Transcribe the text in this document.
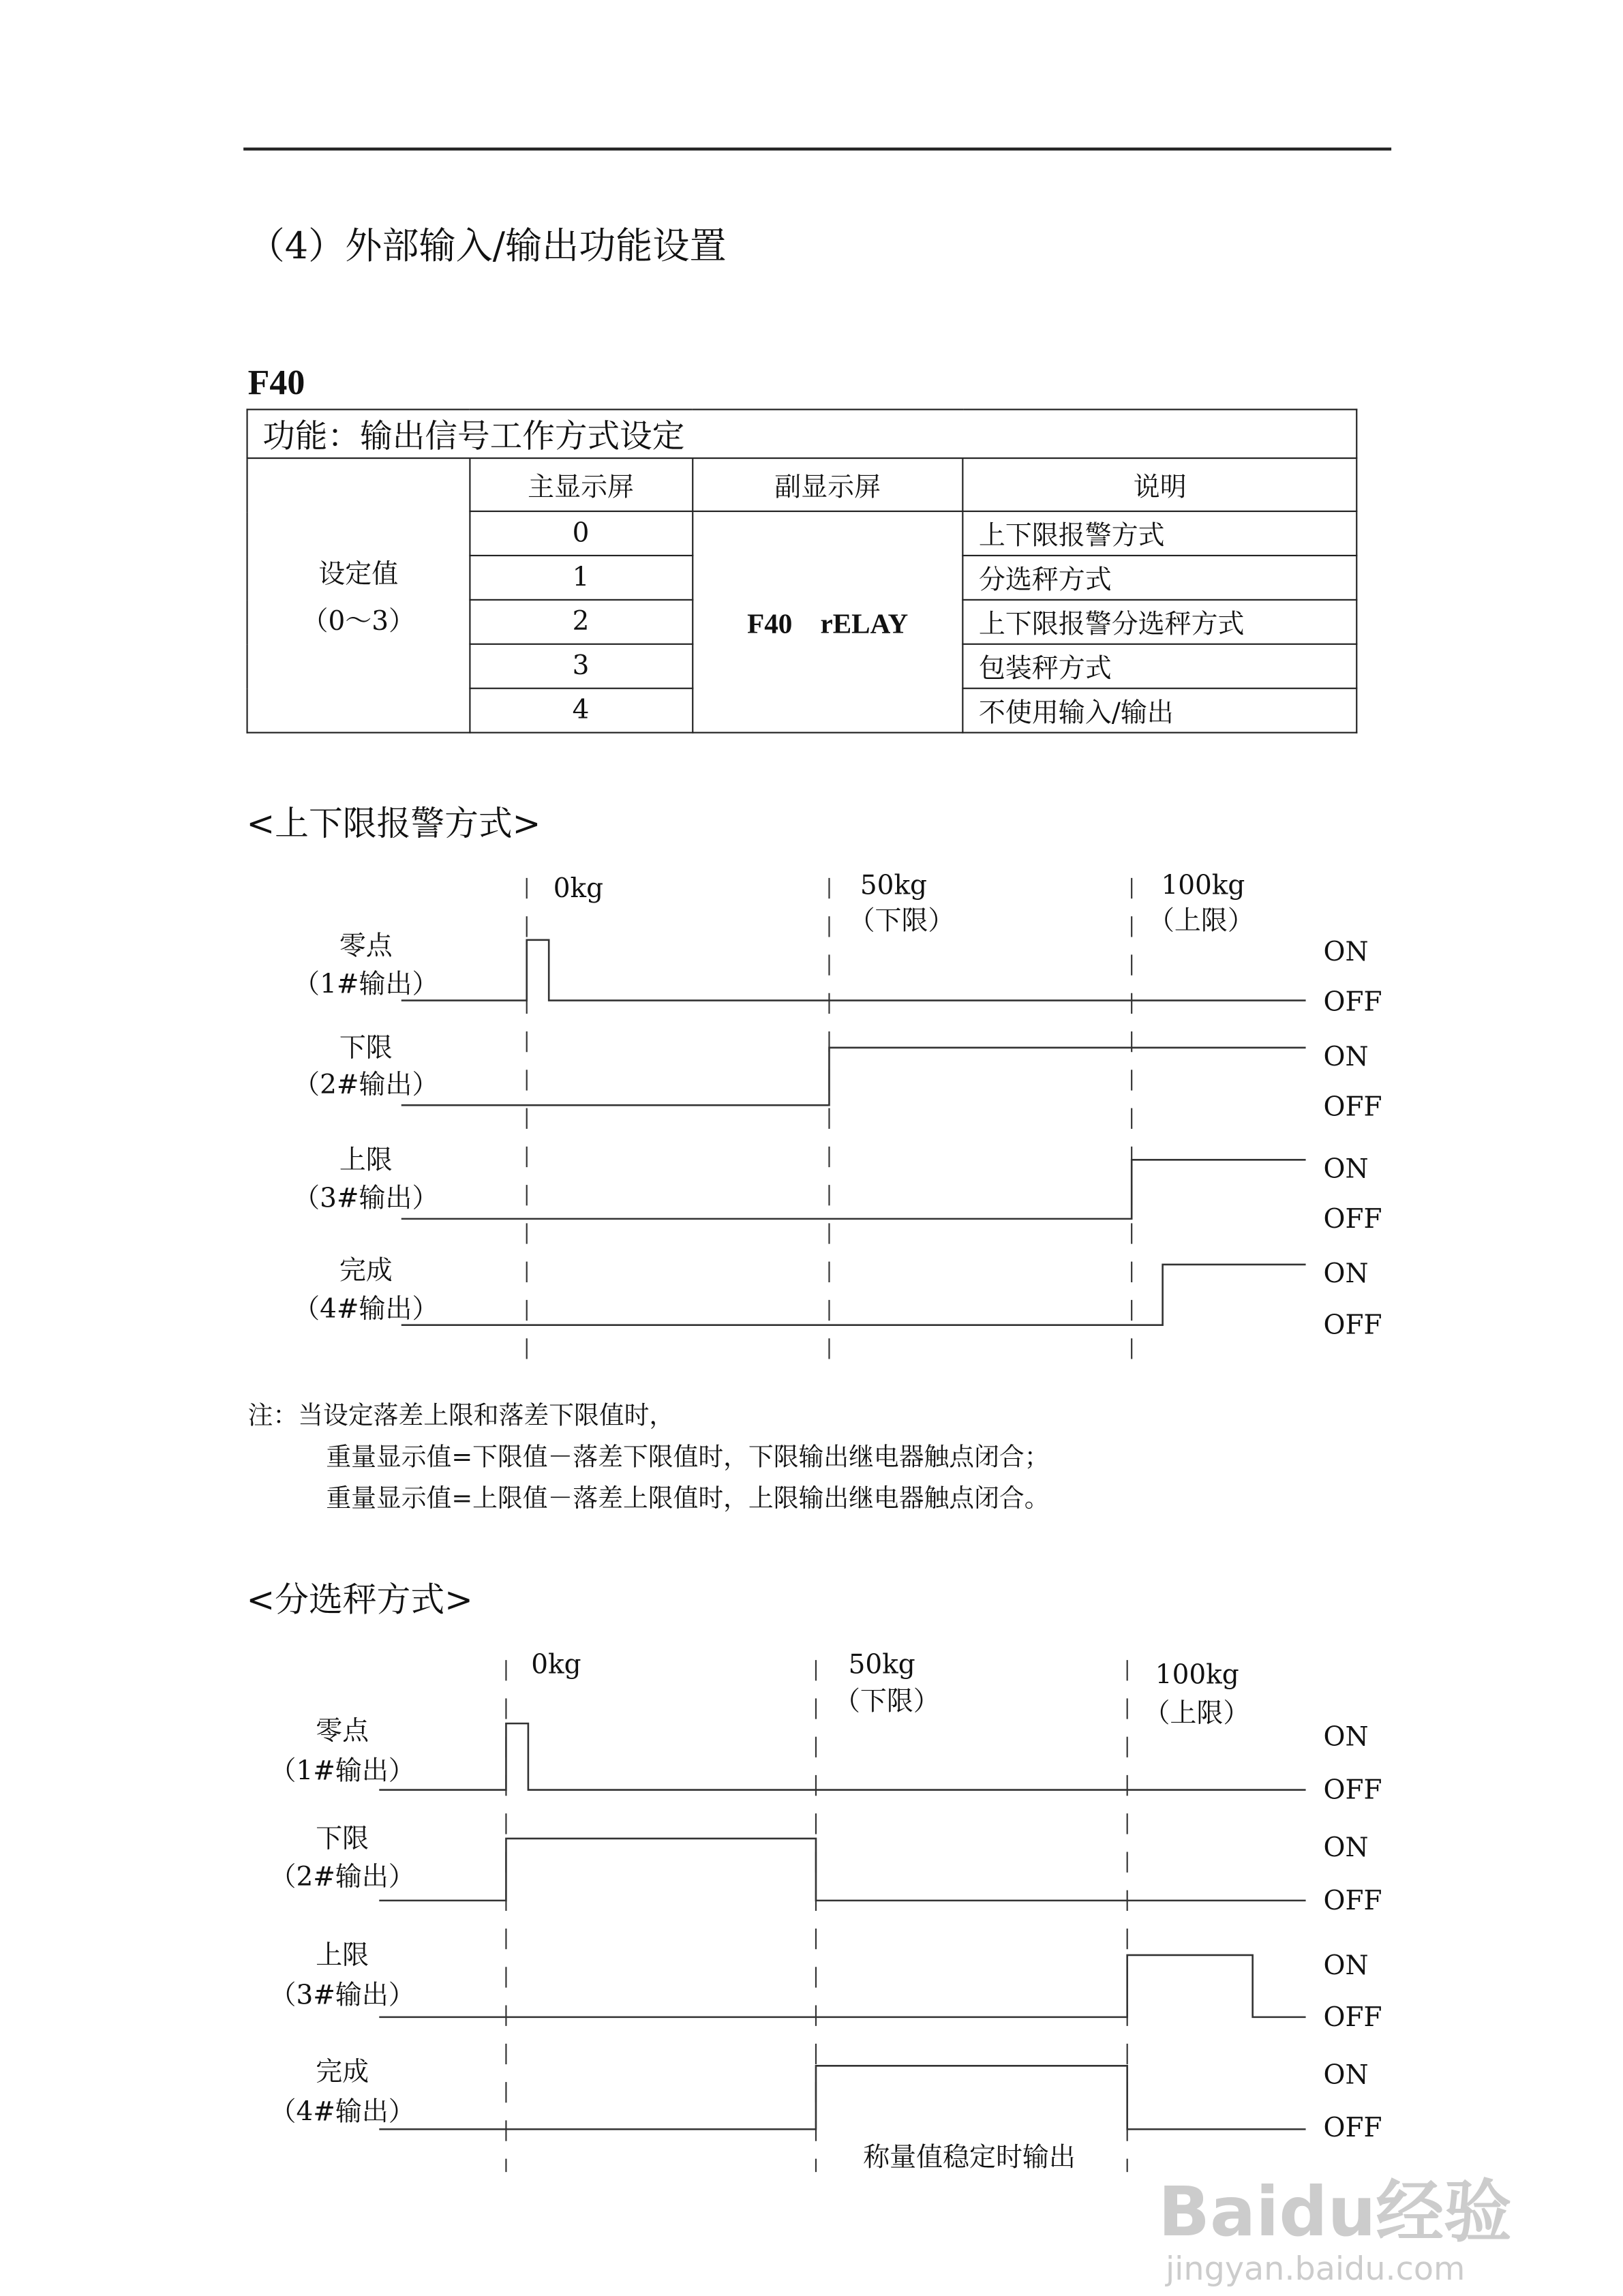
（4）外部输入/输出功能设置
F40
功能：输出信号工作方式设定			

设定值
（0～3）	主显示屏	副显示屏	说明
	0	F40　rELAY	上下限报警方式
	1		分选秤方式
	2		上下限报警分选秤方式
	3		包装秤方式
	4		不使用输入/输出
<上下限报警方式>
注：当设定落差上限和落差下限值时，
重量显示值=下限值－落差下限值时，下限输出继电器触点闭合；
重量显示值=上限值－落差上限值时，上限输出继电器触点闭合。
<分选秤方式>
0kg	50kg
（下限）
100kg
（上限）
零点
（1#输出）
下限
（2#输出）
上限
（3#输出）
完成
（4#输出）
ON
OFF
ON
OFF
ON
OFF
ON
OFF
0kg	50kg
（下限）
100kg
（上限）
零点
（1#输出）
下限
（2#输出）
上限
（3#输出）
完成
（4#输出）
ON
OFF
ON
OFF
ON
OFF
ON
OFF
称量值稳定时输出
Baidu经验
jingyan.baidu.com
